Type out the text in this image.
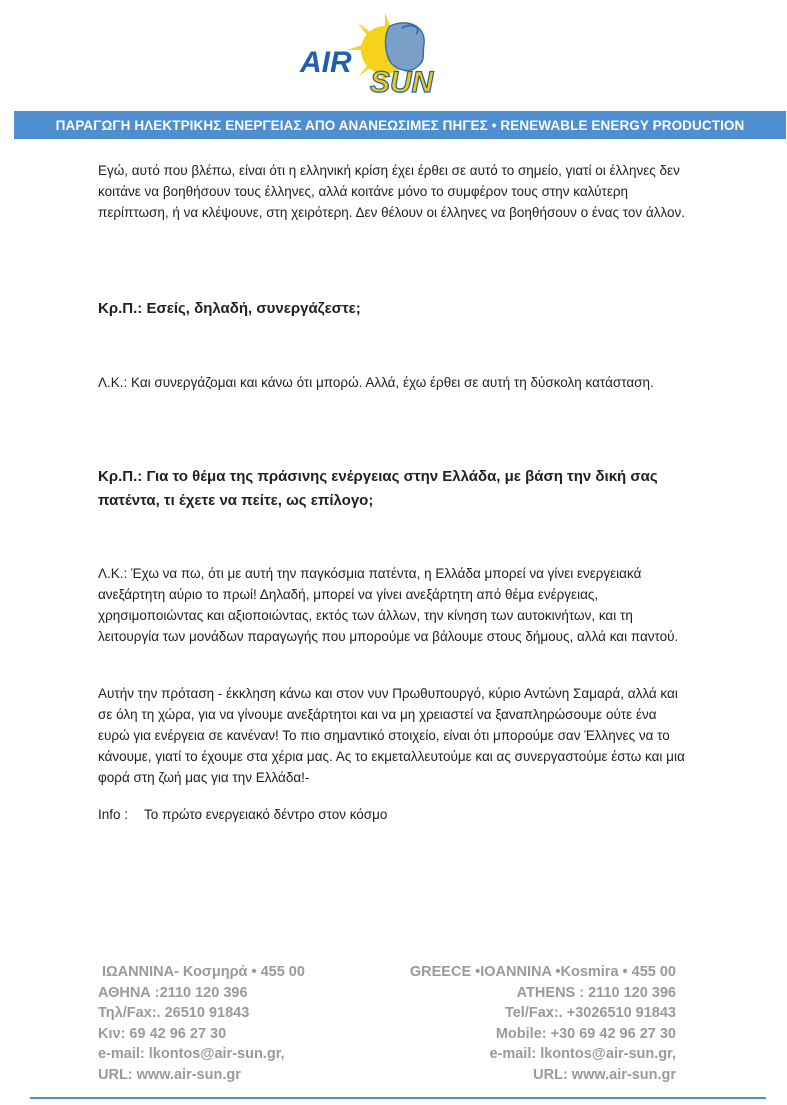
AIR
SUN
ΠΑΡΑΓΩΓΗ ΗΛΕΚΤΡΙΚΗΣ ΕΝΕΡΓΕΙΑΣ ΑΠΟ ΑΝΑΝΕΩΣΙΜΕΣ ΠΗΓΕΣ • RENEWABLE ENERGY PRODUCTION

Εγώ, αυτό που βλέπω, είναι ότι η ελληνική κρίση έχει έρθει σε αυτό το σημείο, γιατί οι έλληνες δεν κοιτάνε να βοηθήσουν τους έλληνες, αλλά κοιτάνε μόνο το συμφέρον τους στην καλύτερη περίπτωση, ή να κλέψουνε, στη χειρότερη. Δεν θέλουν οι έλληνες να βοηθήσουν ο ένας τον άλλον.

Κρ.Π.: Εσείς, δηλαδή, συνεργάζεστε;

Λ.Κ.: Και συνεργάζομαι και κάνω ότι μπορώ. Αλλά, έχω έρθει σε αυτή τη δύσκολη κατάσταση.

Κρ.Π.: Για το θέμα της πράσινης ενέργειας στην Ελλάδα, με βάση την δική σας πατέντα, τι έχετε να πείτε, ως επίλογο;

Λ.Κ.: Έχω να πω, ότι με αυτή την παγκόσμια πατέντα, η Ελλάδα μπορεί να γίνει ενεργειακά ανεξάρτητη αύριο το πρωί! Δηλαδή, μπορεί να γίνει ανεξάρτητη από θέμα ενέργειας, χρησιμοποιώντας και αξιοποιώντας, εκτός των άλλων, την κίνηση των αυτοκινήτων, και τη λειτουργία των μονάδων παραγωγής που μπορούμε να βάλουμε στους δήμους, αλλά και παντού.

Αυτήν την πρόταση - έκκληση κάνω και στον νυν Πρωθυπουργό, κύριο Αντώνη Σαμαρά, αλλά και σε όλη τη χώρα, για να γίνουμε ανεξάρτητοι και να μη χρειαστεί να ξαναπληρώσουμε ούτε ένα ευρώ για ενέργεια σε κανέναν! Το πιο σημαντικό στοιχείο, είναι ότι μπορούμε σαν Έλληνες να το κάνουμε, γιατί το έχουμε στα χέρια μας. Ας το εκμεταλλευτούμε και ας συνεργαστούμε έστω και μια φορά στη ζωή μας για την Ελλάδα!-

Info : Το πρώτο ενεργειακό δέντρο στον κόσμο
ΙΩΑΝΝΙΝΑ- Κοσμηρά • 455 00
ΑΘΗΝΑ :2110 120 396
Τηλ/Fax:. 26510 91843
Κιν: 69 42 96 27 30
e-mail: lkontos@air-sun.gr,
URL: www.air-sun.gr
GREECE •IOANNINA •Kosmira • 455 00
ATHENS : 2110 120 396
Tel/Fax:. +3026510 91843
Mobile: +30 69 42 96 27 30
e-mail: lkontos@air-sun.gr,
URL: www.air-sun.gr
